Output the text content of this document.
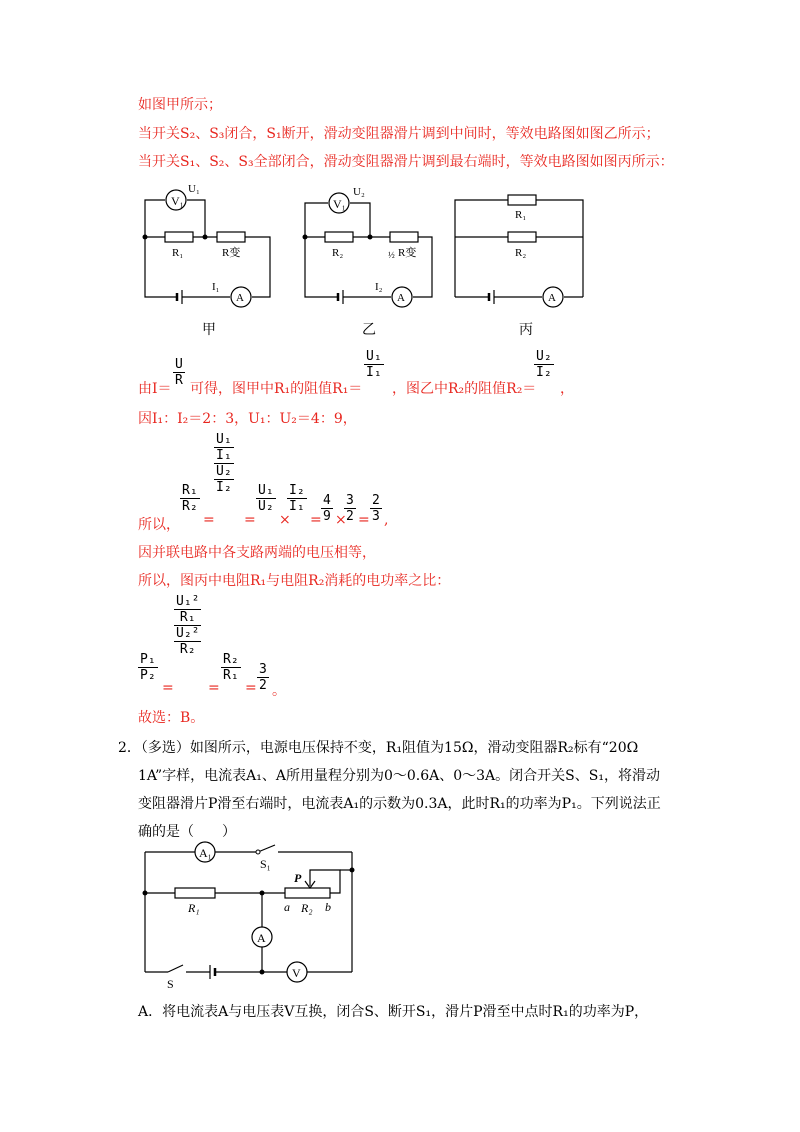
如图甲所示；
当开关S₂、S₃闭合，S₁断开，滑动变阻器滑片调到中间时，等效电路图如图乙所示；
当开关S₁、S₂、S₃全部闭合，滑动变阻器滑片调到最右端时，等效电路图如图丙所示：
V₁
U₁
R₁	R变
I₁
A
甲
V₁
U₂
R₂	½ R变
I₂
A
乙
R₁
R₂
A
丙
由I＝
$\frac{U}{R}$
可得，图甲中R₁的阻值R₁＝
$\frac{\text{U₁}}{\text{I₁}}$
，图乙中R₂的阻值R₂＝
$\frac{\text{U₂}}{\text{I₂}}$
，
因I₁：I₂＝2：3，U₁：U₂＝4：9，
所以，
$\frac{\text{R₁}}{\text{R₂}}$
=
$\frac{\frac{\text{U₁}}{\text{I₁}}}{\frac{\text{U₂}}{\text{I₂}}}$
=
$\frac{\text{U₁}}{\text{U₂}}$
×
$\frac{\text{I₂}}{\text{I₁}}$
= $\frac{4}{9}$ ×
$\frac{3}{2} = \frac{2}{3}$ ,
因并联电路中各支路两端的电压相等，
所以，图丙中电阻R₁与电阻R₂消耗的电功率之比：
$\frac{\text{P₁}}{\text{P₂}}$
=
$\frac{\frac{\text{U₁²}}{\text{R₁}}}{\frac{\text{U₂²}}{\text{R₂}}}$
=
$\frac{\text{R₂}}{\text{R₁}}$
= $\frac{3}{2}$ 。
故选：B。
2．（多选）如图所示，电源电压保持不变，R₁阻值为15Ω，滑动变阻器R₂标有“20Ω
1A”字样，电流表A₁、A所用量程分别为0～0.6A、0～3A。闭合开关S、S₁，将滑动
变阻器滑片P滑至右端时，电流表A₁的示数为0.3A，此时R₁的功率为P₁。下列说法正
确的是（　　）
A₁
S₁
P
R₁	a R₂ b
A
V
S
A．将电流表A与电压表V互换，闭合S、断开S₁，滑片P滑至中点时R₁的功率为P，
